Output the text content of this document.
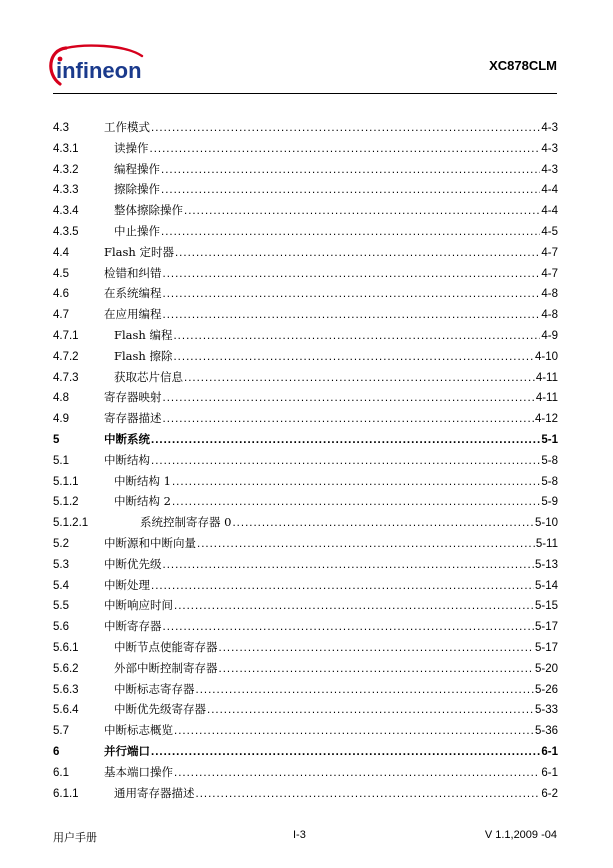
infineon	XC878CLM
4.3	工作模式 .....	4-3
4.3.1	读操作 .....	4-3
4.3.2	编程操作 .....	4-3
4.3.3	擦除操作 .....	4-4
4.3.4	整体擦除操作 .....	4-4
4.3.5	中止操作 .....	4-5
4.4	Flash 定时器 .....	4-7
4.5	检错和纠错 .....	4-7
4.6	在系统编程 .....	4-8
4.7	在应用编程 .....	4-8
4.7.1	Flash 编程 .....	4-9
4.7.2	Flash 擦除 .....	4-10
4.7.3	获取芯片信息 .....	4-11
4.8	寄存器映射 .....	4-11
4.9	寄存器描述 .....	4-12
5	中断系统 .....	5-1
5.1	中断结构 .....	5-8
5.1.1	中断结构 1 .....	5-8
5.1.2	中断结构 2 .....	5-9
5.1.2.1	系统控制寄存器 0 .....	5-10
5.2	中断源和中断向量 .....	5-11
5.3	中断优先级 .....	5-13
5.4	中断处理 .....	5-14
5.5	中断响应时间 .....	5-15
5.6	中断寄存器 .....	5-17
5.6.1	中断节点使能寄存器 .....	5-17
5.6.2	外部中断控制寄存器 .....	5-20
5.6.3	中断标志寄存器 .....	5-26
5.6.4	中断优先级寄存器 .....	5-33
5.7	中断标志概览 .....	5-36
6	并行端口 .....	6-1
6.1	基本端口操作 .....	6-1
6.1.1	通用寄存器描述 .....	6-2
用户手册	I-3	V 1.1,2009 -04
